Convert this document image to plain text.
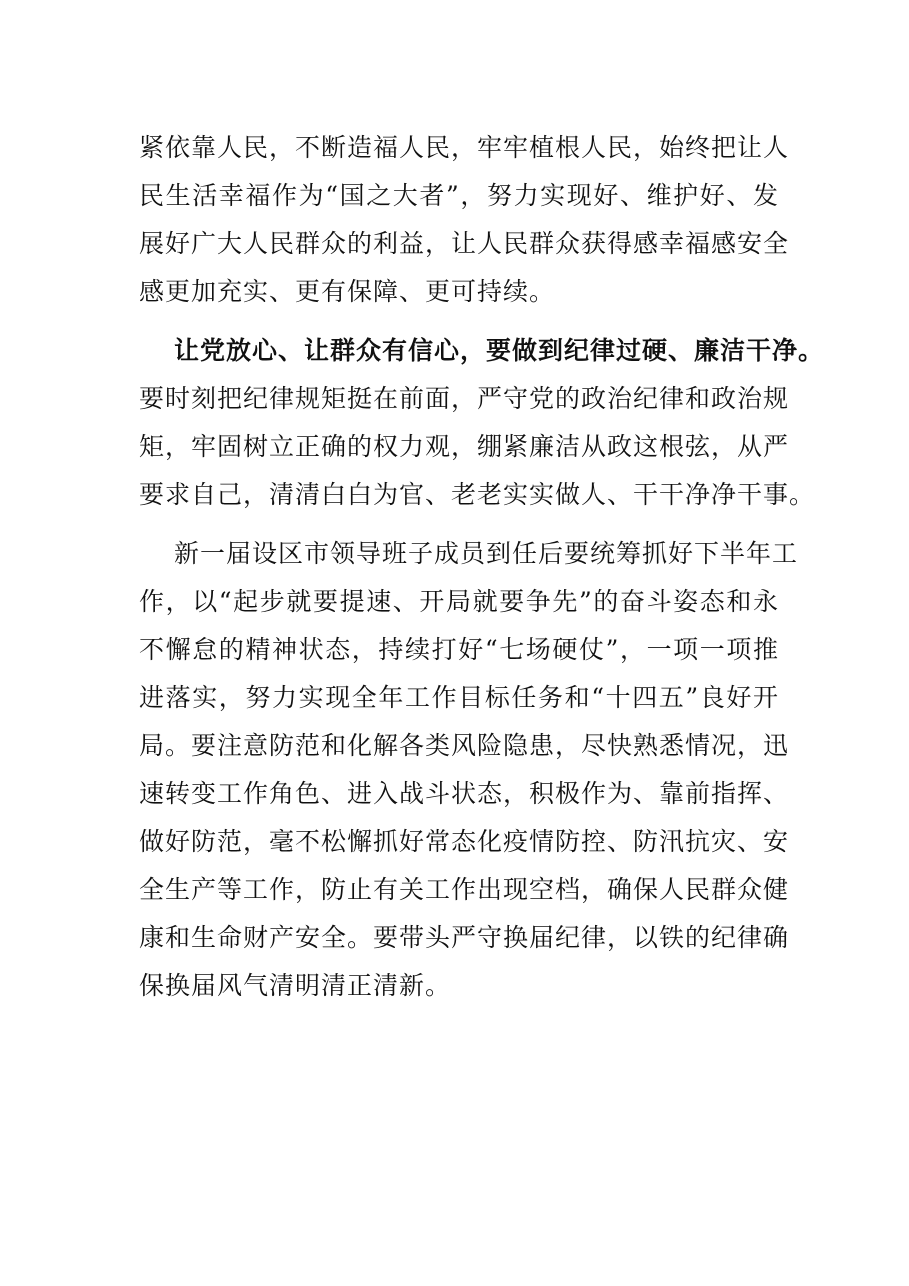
紧依靠人民，不断造福人民，牢牢植根人民，始终把让人
民生活幸福作为“国之大者”，努力实现好、维护好、发
展好广大人民群众的利益，让人民群众获得感幸福感安全
感更加充实、更有保障、更可持续。
让党放心、让群众有信心，要做到纪律过硬、廉洁干净。
要时刻把纪律规矩挺在前面，严守党的政治纪律和政治规
矩，牢固树立正确的权力观，绷紧廉洁从政这根弦，从严
要求自己，清清白白为官、老老实实做人、干干净净干事。
新一届设区市领导班子成员到任后要统筹抓好下半年工
作，以“起步就要提速、开局就要争先”的奋斗姿态和永
不懈怠的精神状态，持续打好“七场硬仗”，一项一项推
进落实，努力实现全年工作目标任务和“十四五”良好开
局。要注意防范和化解各类风险隐患，尽快熟悉情况，迅
速转变工作角色、进入战斗状态，积极作为、靠前指挥、
做好防范，毫不松懈抓好常态化疫情防控、防汛抗灾、安
全生产等工作，防止有关工作出现空档，确保人民群众健
康和生命财产安全。要带头严守换届纪律，以铁的纪律确
保换届风气清明清正清新。
